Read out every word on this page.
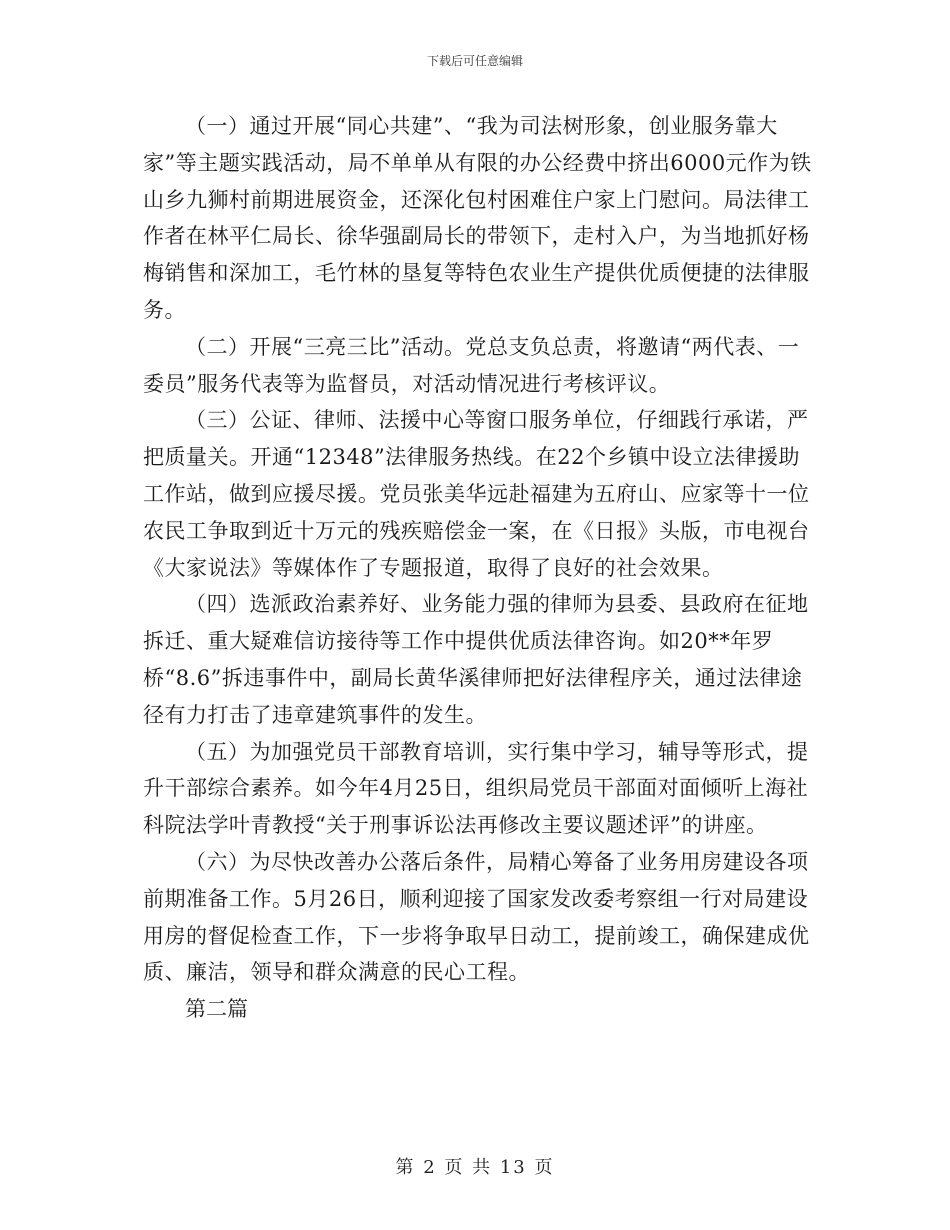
下载后可任意编辑

（一）通过开展“同心共建”、“我为司法树形象，创业服务靠大家”等主题实践活动，局不单单从有限的办公经费中挤出6000元作为铁山乡九狮村前期进展资金，还深化包村困难住户家上门慰问。局法律工作者在林平仁局长、徐华强副局长的带领下，走村入户，为当地抓好杨梅销售和深加工，毛竹林的垦复等特色农业生产提供优质便捷的法律服务。

（二）开展“三亮三比”活动。党总支负总责，将邀请“两代表、一委员”服务代表等为监督员，对活动情况进行考核评议。

（三）公证、律师、法援中心等窗口服务单位，仔细践行承诺，严把质量关。开通“12348”法律服务热线。在22个乡镇中设立法律援助工作站，做到应援尽援。党员张美华远赴福建为五府山、应家等十一位农民工争取到近十万元的残疾赔偿金一案，在《日报》头版，市电视台《大家说法》等媒体作了专题报道，取得了良好的社会效果。

（四）选派政治素养好、业务能力强的律师为县委、县政府在征地拆迁、重大疑难信访接待等工作中提供优质法律咨询。如20**年罗桥“8.6”拆违事件中，副局长黄华溪律师把好法律程序关，通过法律途径有力打击了违章建筑事件的发生。

（五）为加强党员干部教育培训，实行集中学习，辅导等形式，提升干部综合素养。如今年4月25日，组织局党员干部面对面倾听上海社科院法学叶青教授“关于刑事诉讼法再修改主要议题述评”的讲座。

（六）为尽快改善办公落后条件，局精心筹备了业务用房建设各项前期准备工作。5月26日，顺利迎接了国家发改委考察组一行对局建设用房的督促检查工作，下一步将争取早日动工，提前竣工，确保建成优质、廉洁，领导和群众满意的民心工程。

第二篇

第 2 页 共 13 页
